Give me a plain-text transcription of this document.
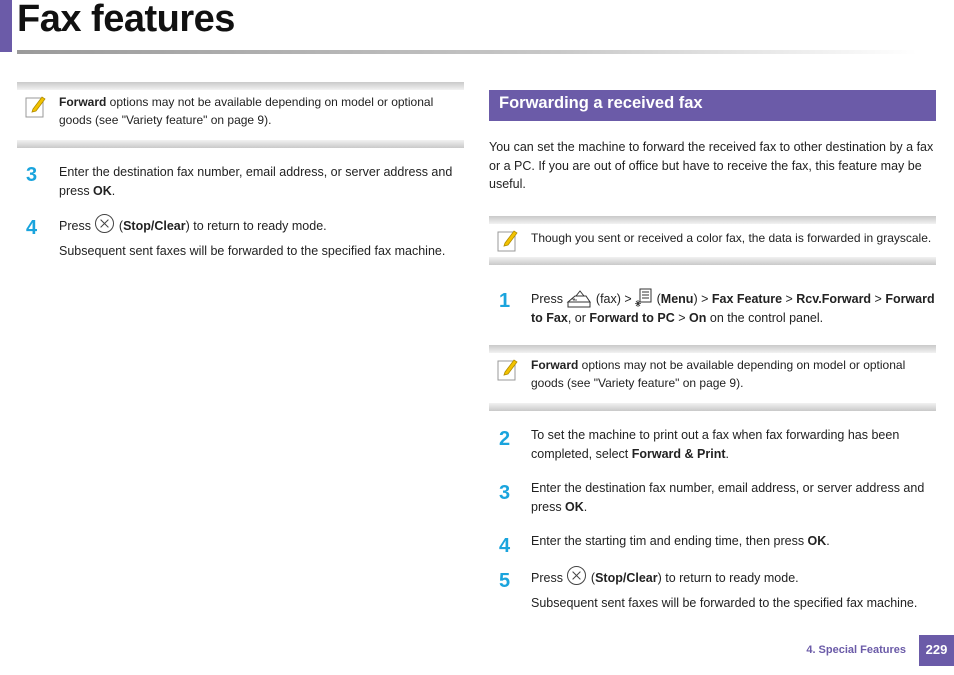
Fax features
Forward options may not be available depending on model or optional goods (see "Variety feature" on page 9).
3 Enter the destination fax number, email address, or server address and press OK.
4 Press  (Stop/Clear) to return to ready mode.
Subsequent sent faxes will be forwarded to the specified fax machine.
Forwarding a received fax
You can set the machine to forward the received fax to other destination by a fax or a PC. If you are out of office but have to receive the fax, this feature may be useful.
Though you sent or received a color fax, the data is forwarded in grayscale.
1 Press  (fax) >  (Menu) > Fax Feature > Rcv.Forward > Forward to Fax, or Forward to PC > On on the control panel.
Forward options may not be available depending on model or optional goods (see "Variety feature" on page 9).
2 To set the machine to print out a fax when fax forwarding has been completed, select Forward & Print.
3 Enter the destination fax number, email address, or server address and press OK.
4 Enter the starting tim and ending time, then press OK.
5 Press  (Stop/Clear) to return to ready mode.
Subsequent sent faxes will be forwarded to the specified fax machine.
4. Special Features	229
